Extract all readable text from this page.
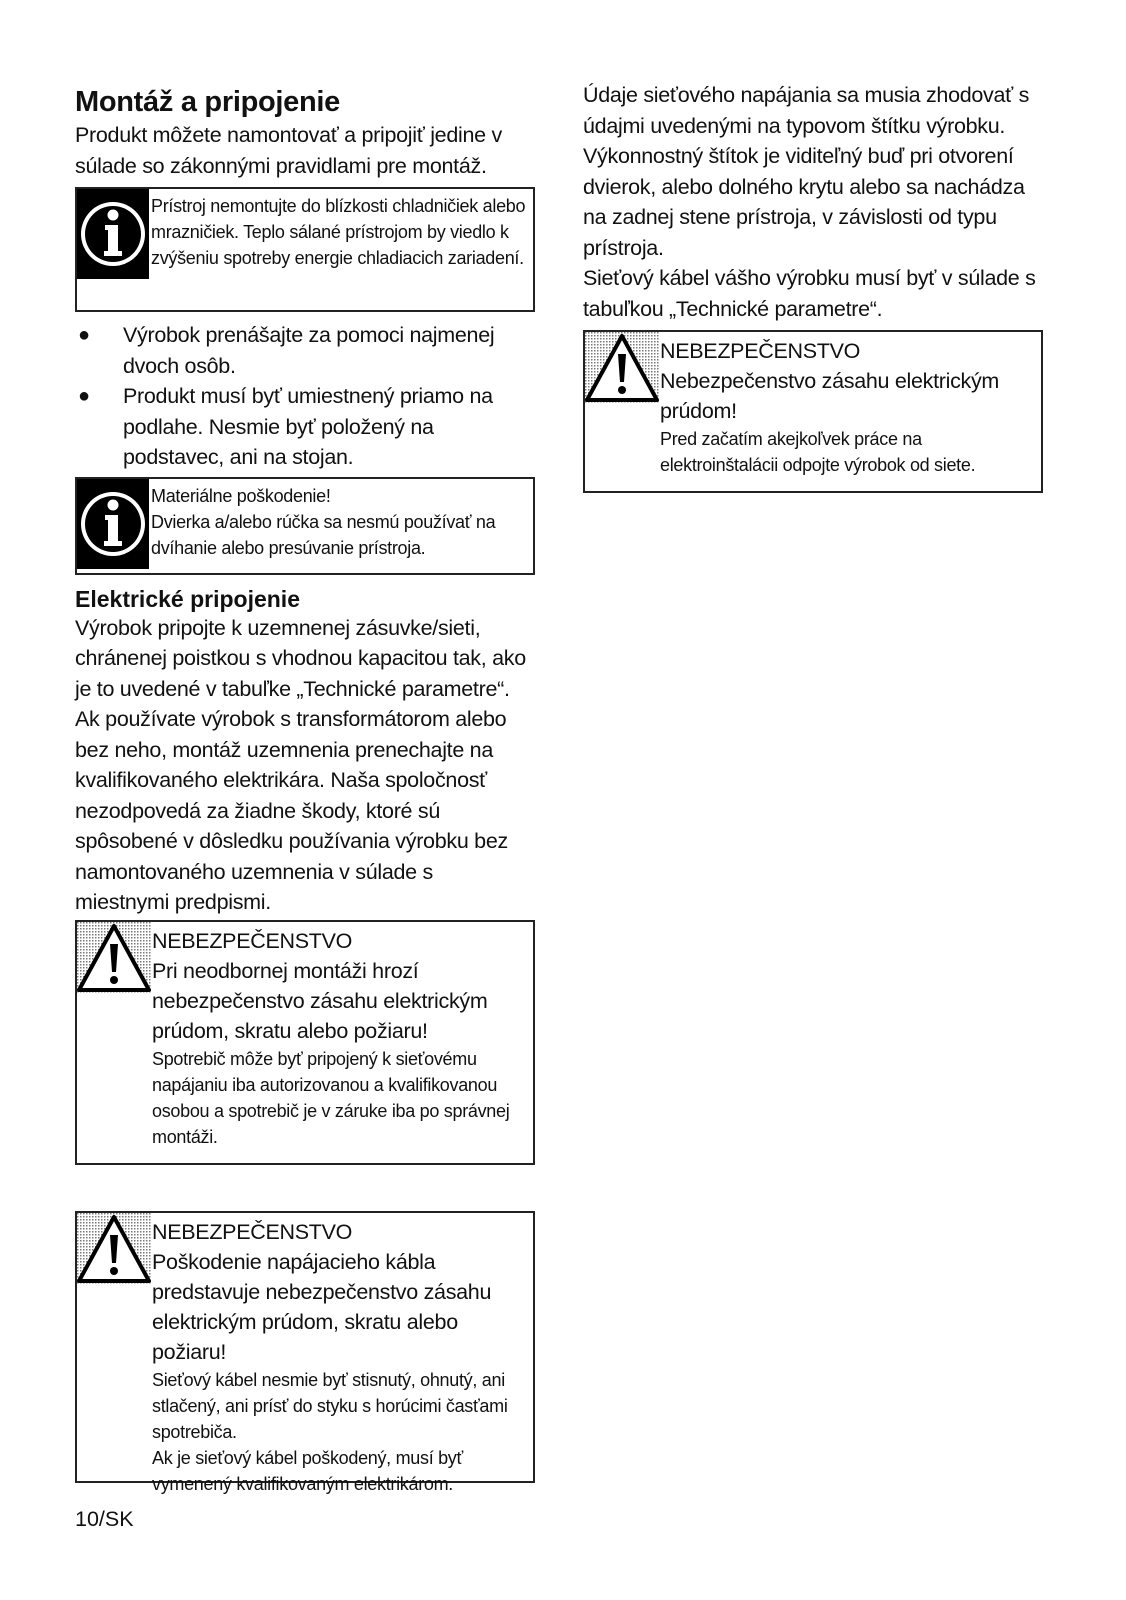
Montáž a pripojenie

Produkt môžete namontovať a pripojiť jedine v súlade so zákonnými pravidlami pre montáž.

Prístroj nemontujte do blízkosti chladničiek alebo mrazničiek. Teplo sálané prístrojom by viedlo k zvýšeniu spotreby energie chladiacich zariadení.
● Výrobok prenášajte za pomoci najmenej dvoch osôb.
● Produkt musí byť umiestnený priamo na podlahe. Nesmie byť položený na podstavec, ani na stojan.
Materiálne poškodenie!
Dvierka a/alebo rúčka sa nesmú používať na dvíhanie alebo presúvanie prístroja.
Elektrické pripojenie

Výrobok pripojte k uzemnenej zásuvke/sieti, chránenej poistkou s vhodnou kapacitou tak, ako je to uvedené v tabuľke „Technické parametre“. Ak používate výrobok s transformátorom alebo bez neho, montáž uzemnenia prenechajte na kvalifikovaného elektrikára. Naša spoločnosť nezodpovedá za žiadne škody, ktoré sú spôsobené v dôsledku používania výrobku bez namontovaného uzemnenia v súlade s miestnymi predpismi.

NEBEZPEČENSTVO
Pri neodbornej montáži hrozí nebezpečenstvo zásahu elektrickým prúdom, skratu alebo požiaru!
Spotrebič môže byť pripojený k sieťovému napájaniu iba autorizovanou a kvalifikovanou osobou a spotrebič je v záruke iba po správnej montáži.
NEBEZPEČENSTVO
Poškodenie napájacieho kábla predstavuje nebezpečenstvo zásahu elektrickým prúdom, skratu alebo požiaru!
Sieťový kábel nesmie byť stisnutý, ohnutý, ani stlačený, ani prísť do styku s horúcimi časťami spotrebiča.
Ak je sieťový kábel poškodený, musí byť vymenený kvalifikovaným elektrikárom.

Údaje sieťového napájania sa musia zhodovať s údajmi uvedenými na typovom štítku výrobku. Výkonnostný štítok je viditeľný buď pri otvorení dvierok, alebo dolného krytu alebo sa nachádza na zadnej stene prístroja, v závislosti od typu prístroja.

Sieťový kábel vášho výrobku musí byť v súlade s tabuľkou „Technické parametre“.

NEBEZPEČENSTVO
Nebezpečenstvo zásahu elektrickým prúdom!
Pred začatím akejkoľvek práce na elektroinštalácii odpojte výrobok od siete.
10/SK
